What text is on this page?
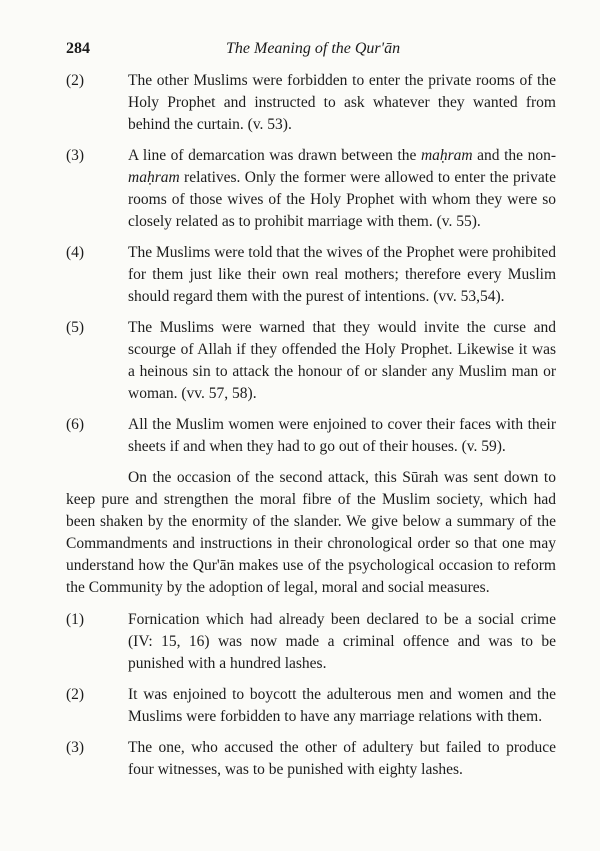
284	The Meaning of the Qur'ān
(2)	The other Muslims were forbidden to enter the private rooms of the Holy Prophet and instructed to ask whatever they wanted from behind the curtain. (v. 53).
(3)	A line of demarcation was drawn between the maḥram and the non-maḥram relatives. Only the former were allowed to enter the private rooms of those wives of the Holy Prophet with whom they were so closely related as to prohibit marriage with them. (v. 55).
(4)	The Muslims were told that the wives of the Prophet were prohibited for them just like their own real mothers; therefore every Muslim should regard them with the purest of intentions. (vv. 53,54).
(5)	The Muslims were warned that they would invite the curse and scourge of Allah if they offended the Holy Prophet. Likewise it was a heinous sin to attack the honour of or slander any Muslim man or woman. (vv. 57, 58).
(6)	All the Muslim women were enjoined to cover their faces with their sheets if and when they had to go out of their houses. (v. 59).

On the occasion of the second attack, this Sūrah was sent down to keep pure and strengthen the moral fibre of the Muslim society, which had been shaken by the enormity of the slander. We give below a summary of the Commandments and instructions in their chronological order so that one may understand how the Qur'ān makes use of the psychological occasion to reform the Community by the adoption of legal, moral and social measures.

(1)	Fornication which had already been declared to be a social crime (IV: 15, 16) was now made a criminal offence and was to be punished with a hundred lashes.
(2)	It was enjoined to boycott the adulterous men and women and the Muslims were forbidden to have any marriage relations with them.
(3)	The one, who accused the other of adultery but failed to produce four witnesses, was to be punished with eighty lashes.
